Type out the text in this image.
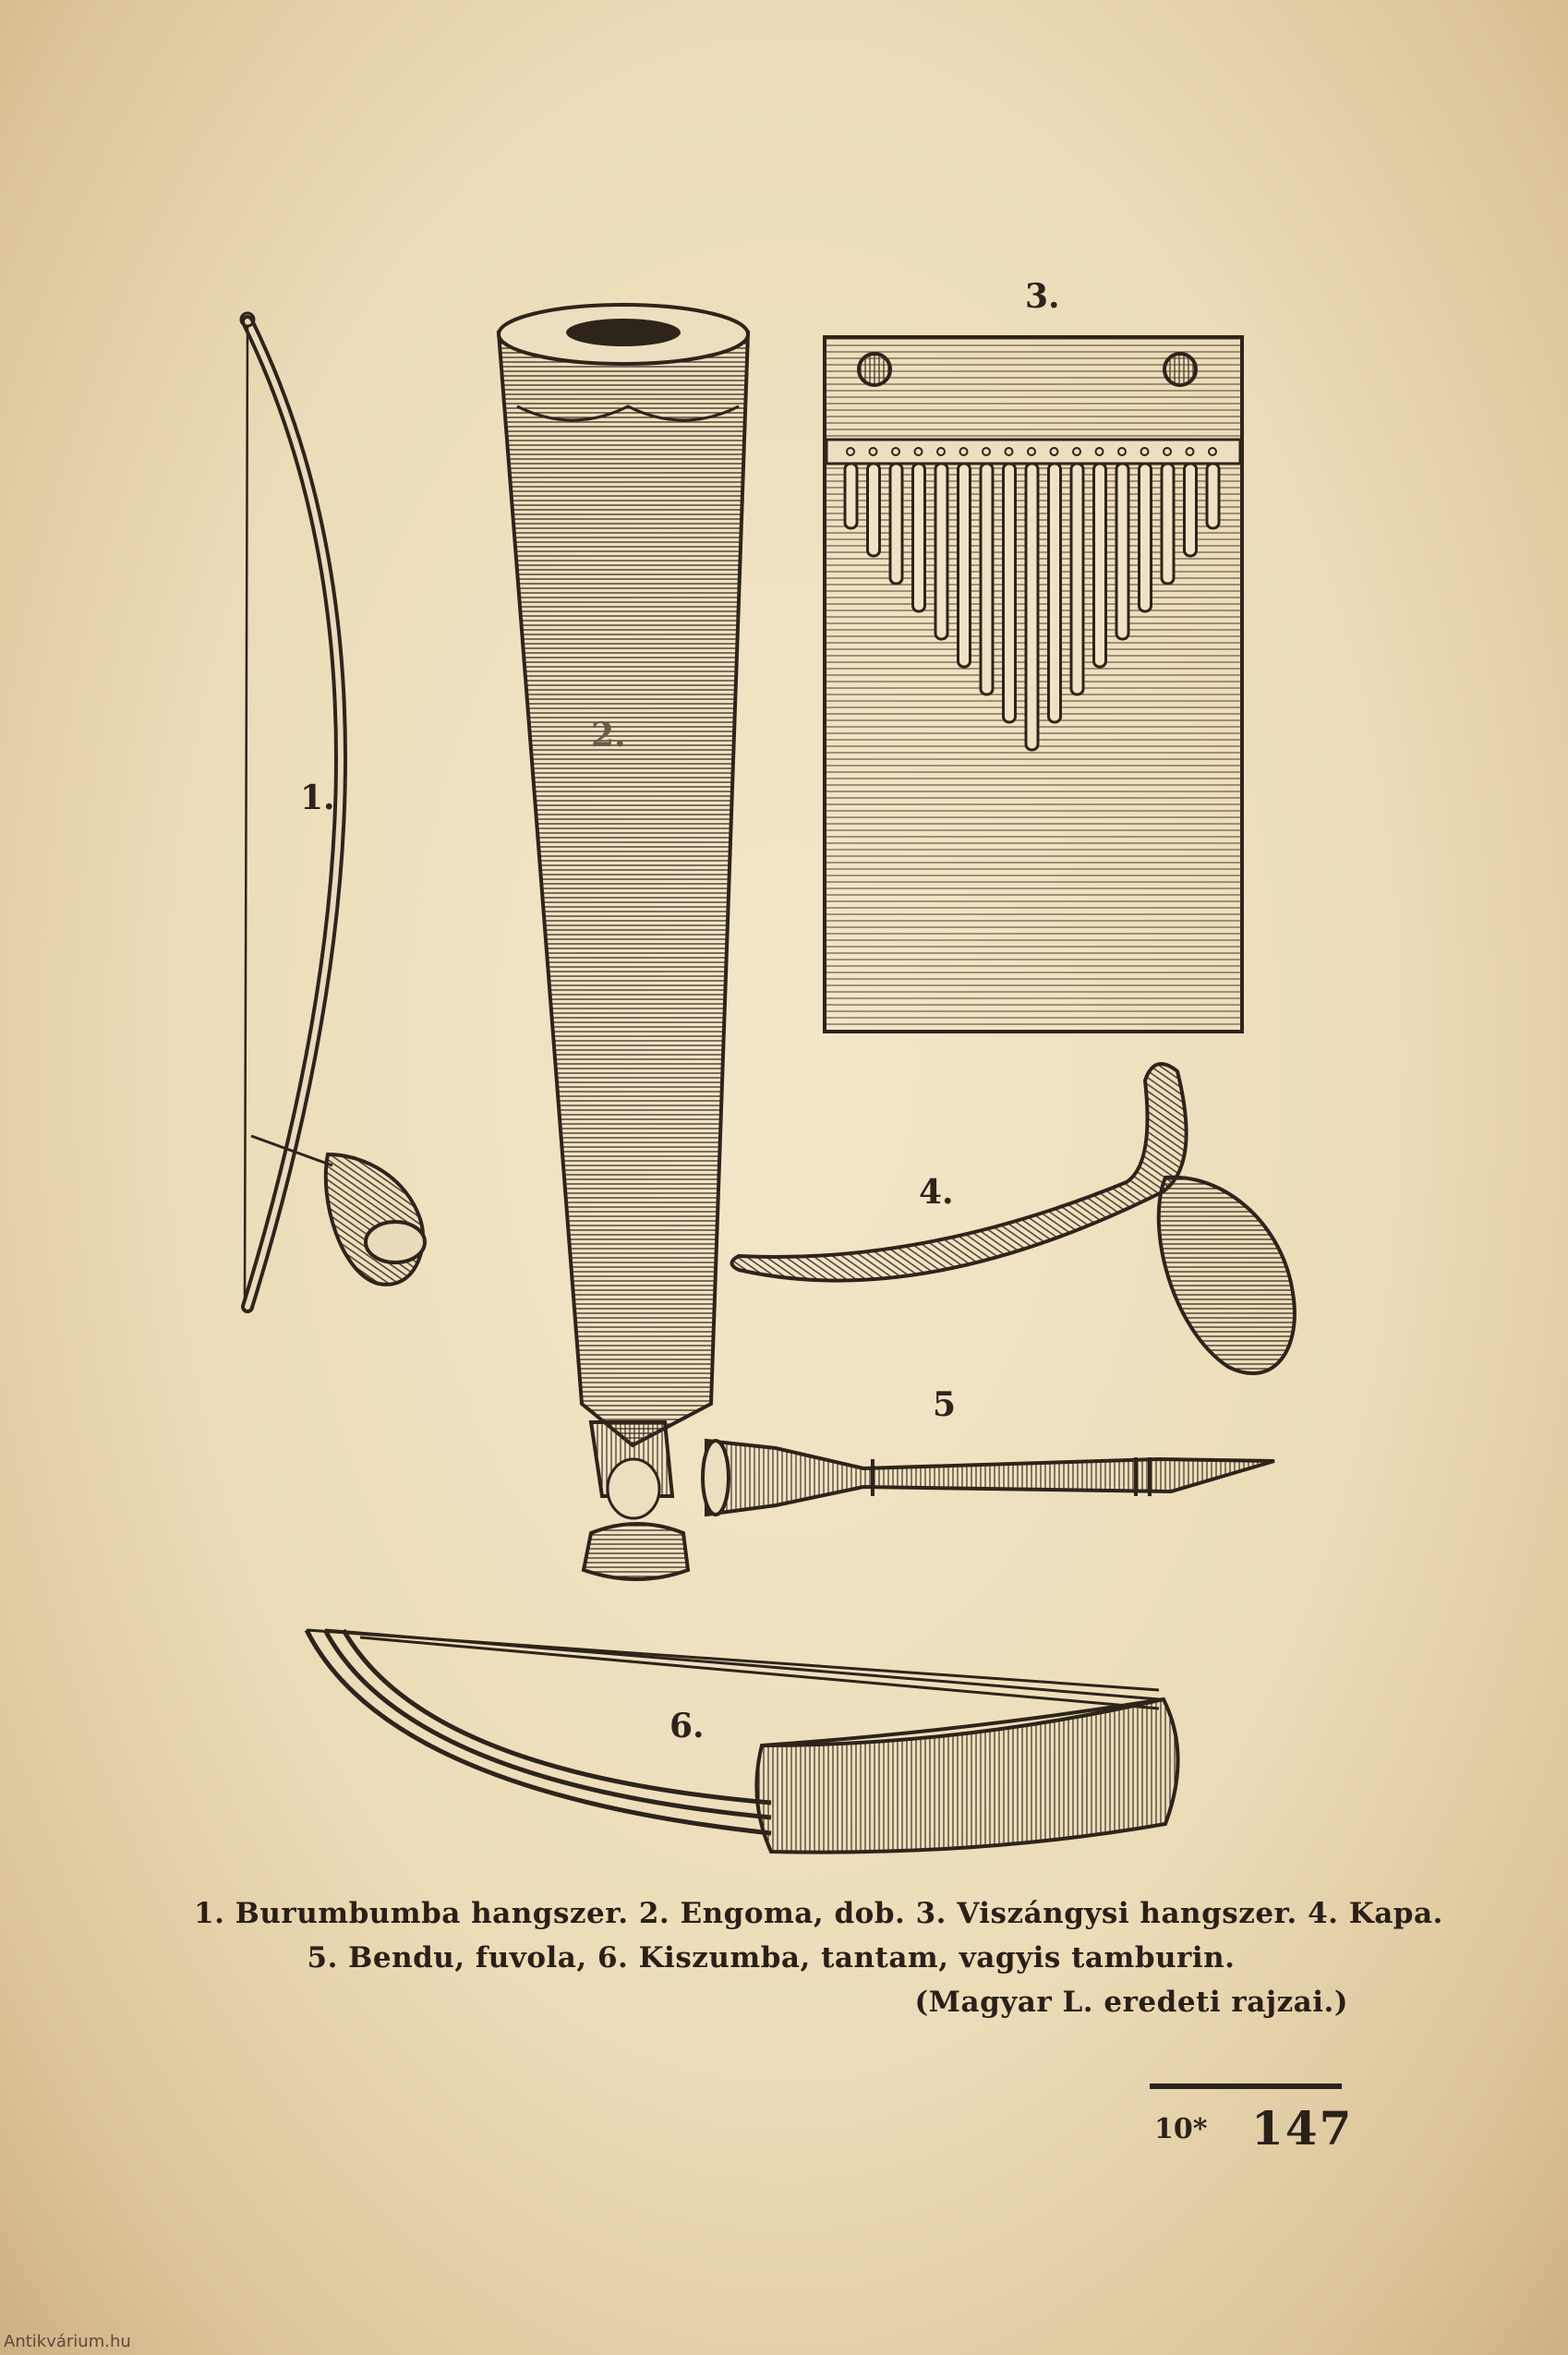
1.
2.
3.
4.
5
6.
1. Burumbumba hangszer. 2. Engoma, dob. 3. Viszángysi hangszer. 4. Kapa.
5. Bendu, fuvola, 6. Kiszumba, tantam, vagyis tamburin.
(Magyar L. eredeti rajzai.)
10* 147
Antikvárium.hu
